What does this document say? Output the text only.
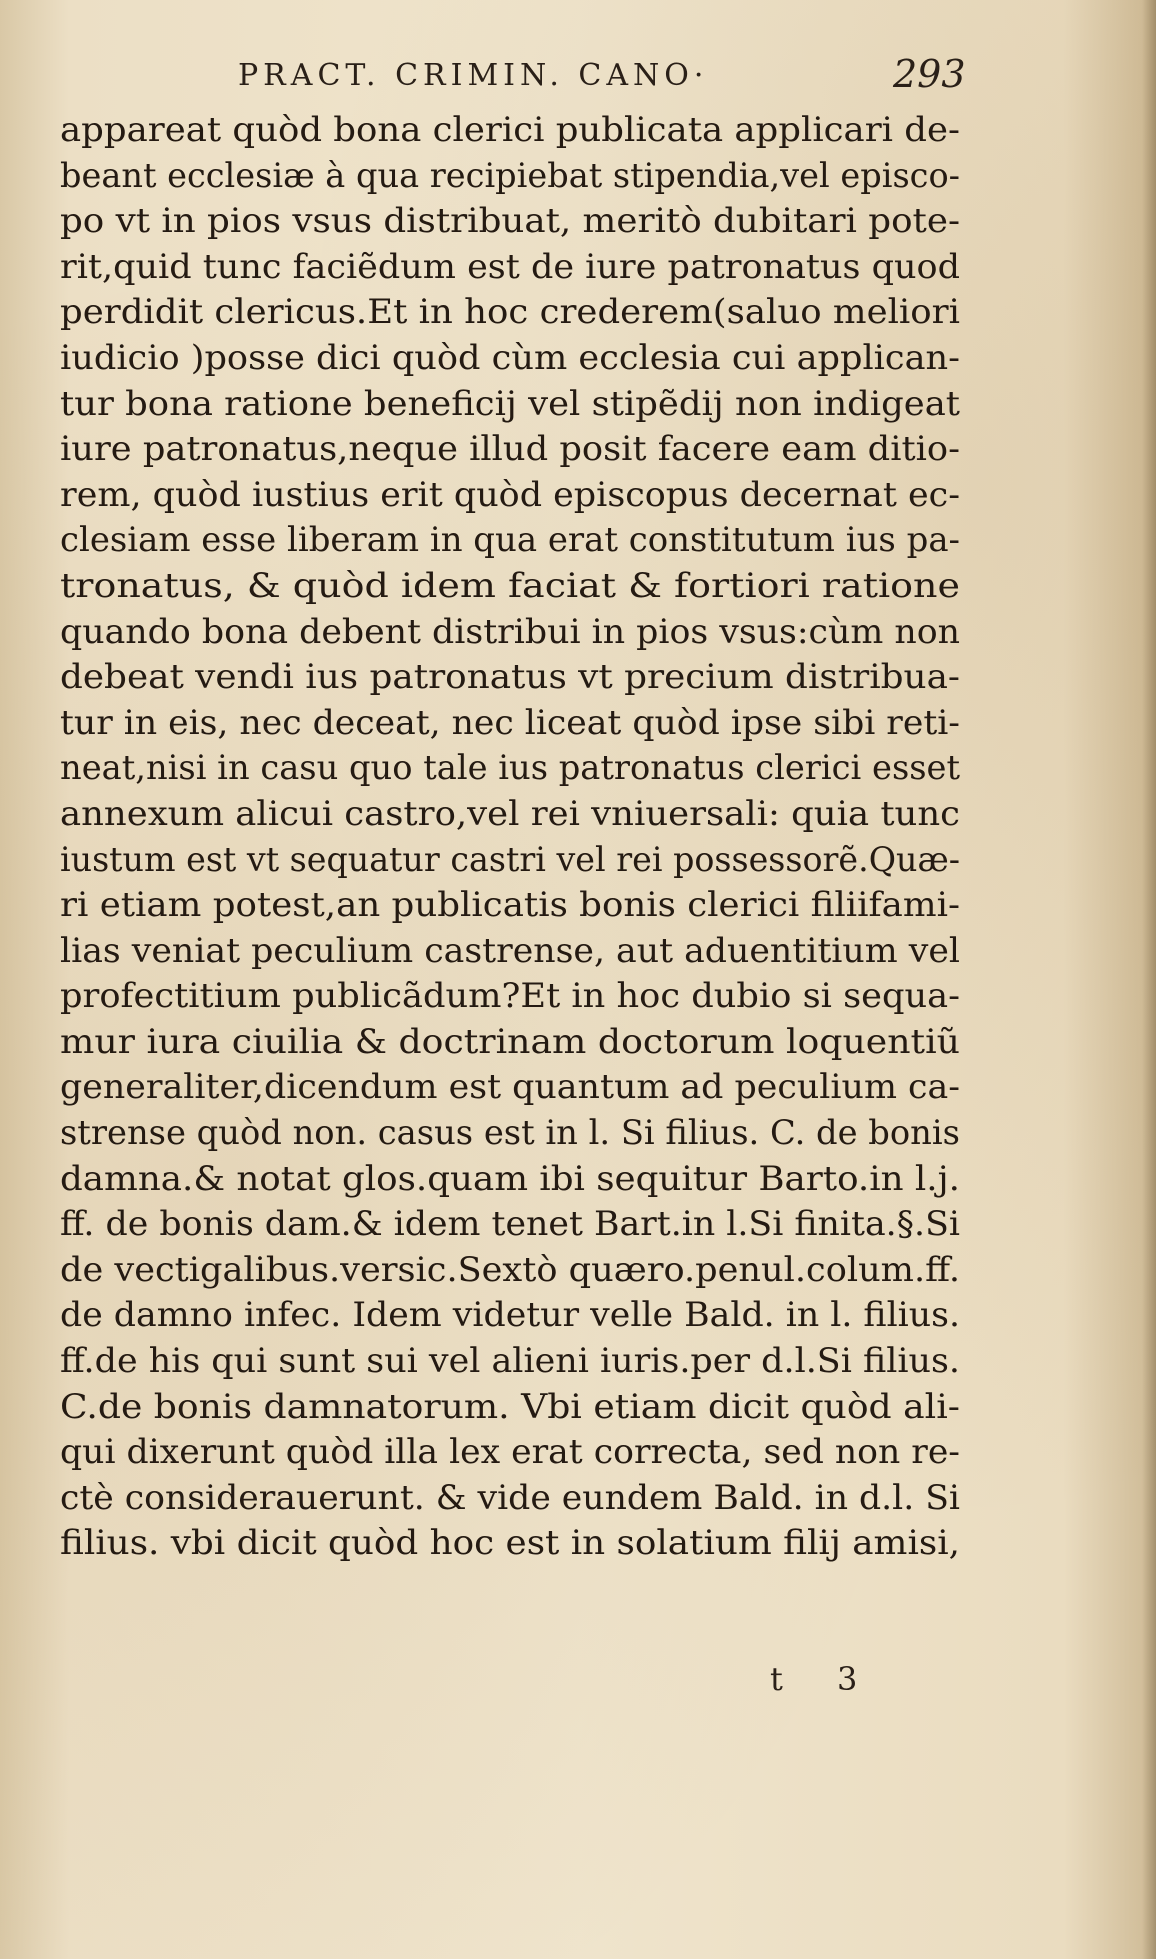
PRACT. CRIMIN. CANO·	293
appareat quòd bona clerici publicata applicari de-
beant ecclesiæ à qua recipiebat stipendia,vel episco-
po vt in pios vsus distribuat, meritò dubitari pote-
rit,quid tunc faciẽdum est de iure patronatus quod
perdidit clericus.Et in hoc crederem(saluo meliori
iudicio )posse dici quòd cùm ecclesia cui applican-
tur bona ratione beneficij vel stipẽdij non indigeat
iure patronatus,neque illud posit facere eam ditio-
rem, quòd iustius erit quòd episcopus decernat ec-
clesiam esse liberam in qua erat constitutum ius pa-
tronatus, & quòd idem faciat & fortiori ratione
quando bona debent distribui in pios vsus:cùm non
debeat vendi ius patronatus vt precium distribua-
tur in eis, nec deceat, nec liceat quòd ipse sibi reti-
neat,nisi in casu quo tale ius patronatus clerici esset
annexum alicui castro,vel rei vniuersali: quia tunc
iustum est vt sequatur castri vel rei possessorẽ.Quæ-
ri etiam potest,an publicatis bonis clerici filiifami-
lias veniat peculium castrense, aut aduentitium vel
profectitium publicãdum?Et in hoc dubio si sequa-
mur iura ciuilia & doctrinam doctorum loquentiũ
generaliter,dicendum est quantum ad peculium ca-
strense quòd non. casus est in l. Si filius. C. de bonis
damna.& notat glos.quam ibi sequitur Barto.in l.j.
ff. de bonis dam.& idem tenet Bart.in l.Si finita.§.Si
de vectigalibus.versic.Sextò quæro.penul.colum.ff.
de damno infec. Idem videtur velle Bald. in l. filius.
ff.de his qui sunt sui vel alieni iuris.per d.l.Si filius.
C.de bonis damnatorum. Vbi etiam dicit quòd ali-
qui dixerunt quòd illa lex erat correcta, sed non re-
ctè considerauerunt. & vide eundem Bald. in d.l. Si
filius. vbi dicit quòd hoc est in solatium filij amisi,
t 3
